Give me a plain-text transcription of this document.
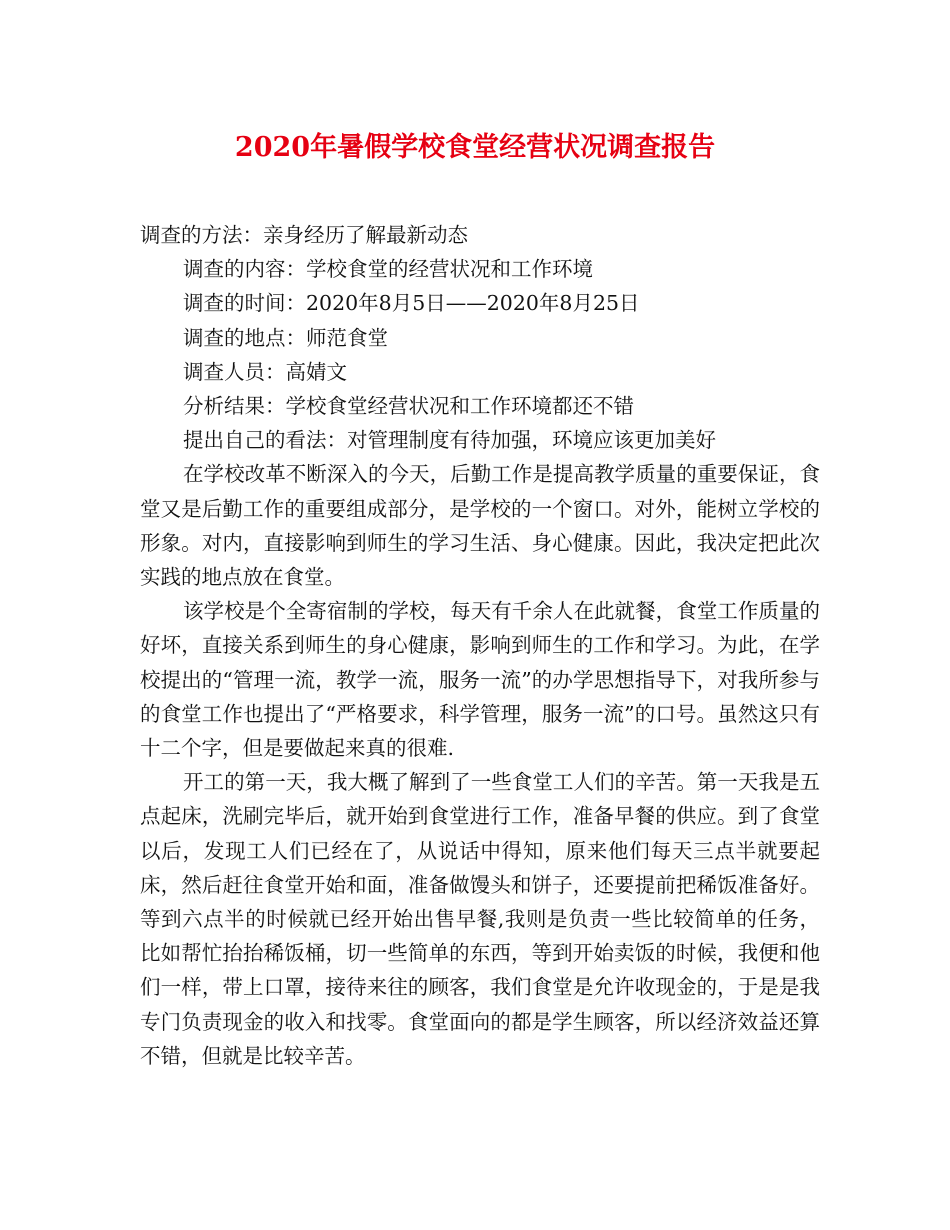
2020年暑假学校食堂经营状况调查报告

调查的方法：亲身经历了解最新动态

调查的内容：学校食堂的经营状况和工作环境

调查的时间：2020年8月5日——2020年8月25日

调查的地点：师范食堂

调查人员：高婧文

分析结果：学校食堂经营状况和工作环境都还不错

提出自己的看法：对管理制度有待加强，环境应该更加美好

在学校改革不断深入的今天，后勤工作是提高教学质量的重要保证，食堂又是后勤工作的重要组成部分，是学校的一个窗口。对外，能树立学校的形象。对内，直接影响到师生的学习生活、身心健康。因此，我决定把此次实践的地点放在食堂。

该学校是个全寄宿制的学校，每天有千余人在此就餐，食堂工作质量的好坏，直接关系到师生的身心健康，影响到师生的工作和学习。为此，在学校提出的“管理一流，教学一流，服务一流”的办学思想指导下，对我所参与的食堂工作也提出了“严格要求，科学管理，服务一流”的口号。虽然这只有十二个字，但是要做起来真的很难.

开工的第一天，我大概了解到了一些食堂工人们的辛苦。第一天我是五点起床，洗刷完毕后，就开始到食堂进行工作，准备早餐的供应。到了食堂以后，发现工人们已经在了，从说话中得知，原来他们每天三点半就要起床，然后赶往食堂开始和面，准备做馒头和饼子，还要提前把稀饭准备好。等到六点半的时候就已经开始出售早餐,我则是负责一些比较简单的任务，比如帮忙抬抬稀饭桶，切一些简单的东西，等到开始卖饭的时候，我便和他们一样，带上口罩，接待来往的顾客，我们食堂是允许收现金的，于是是我专门负责现金的收入和找零。食堂面向的都是学生顾客，所以经济效益还算不错，但就是比较辛苦。
